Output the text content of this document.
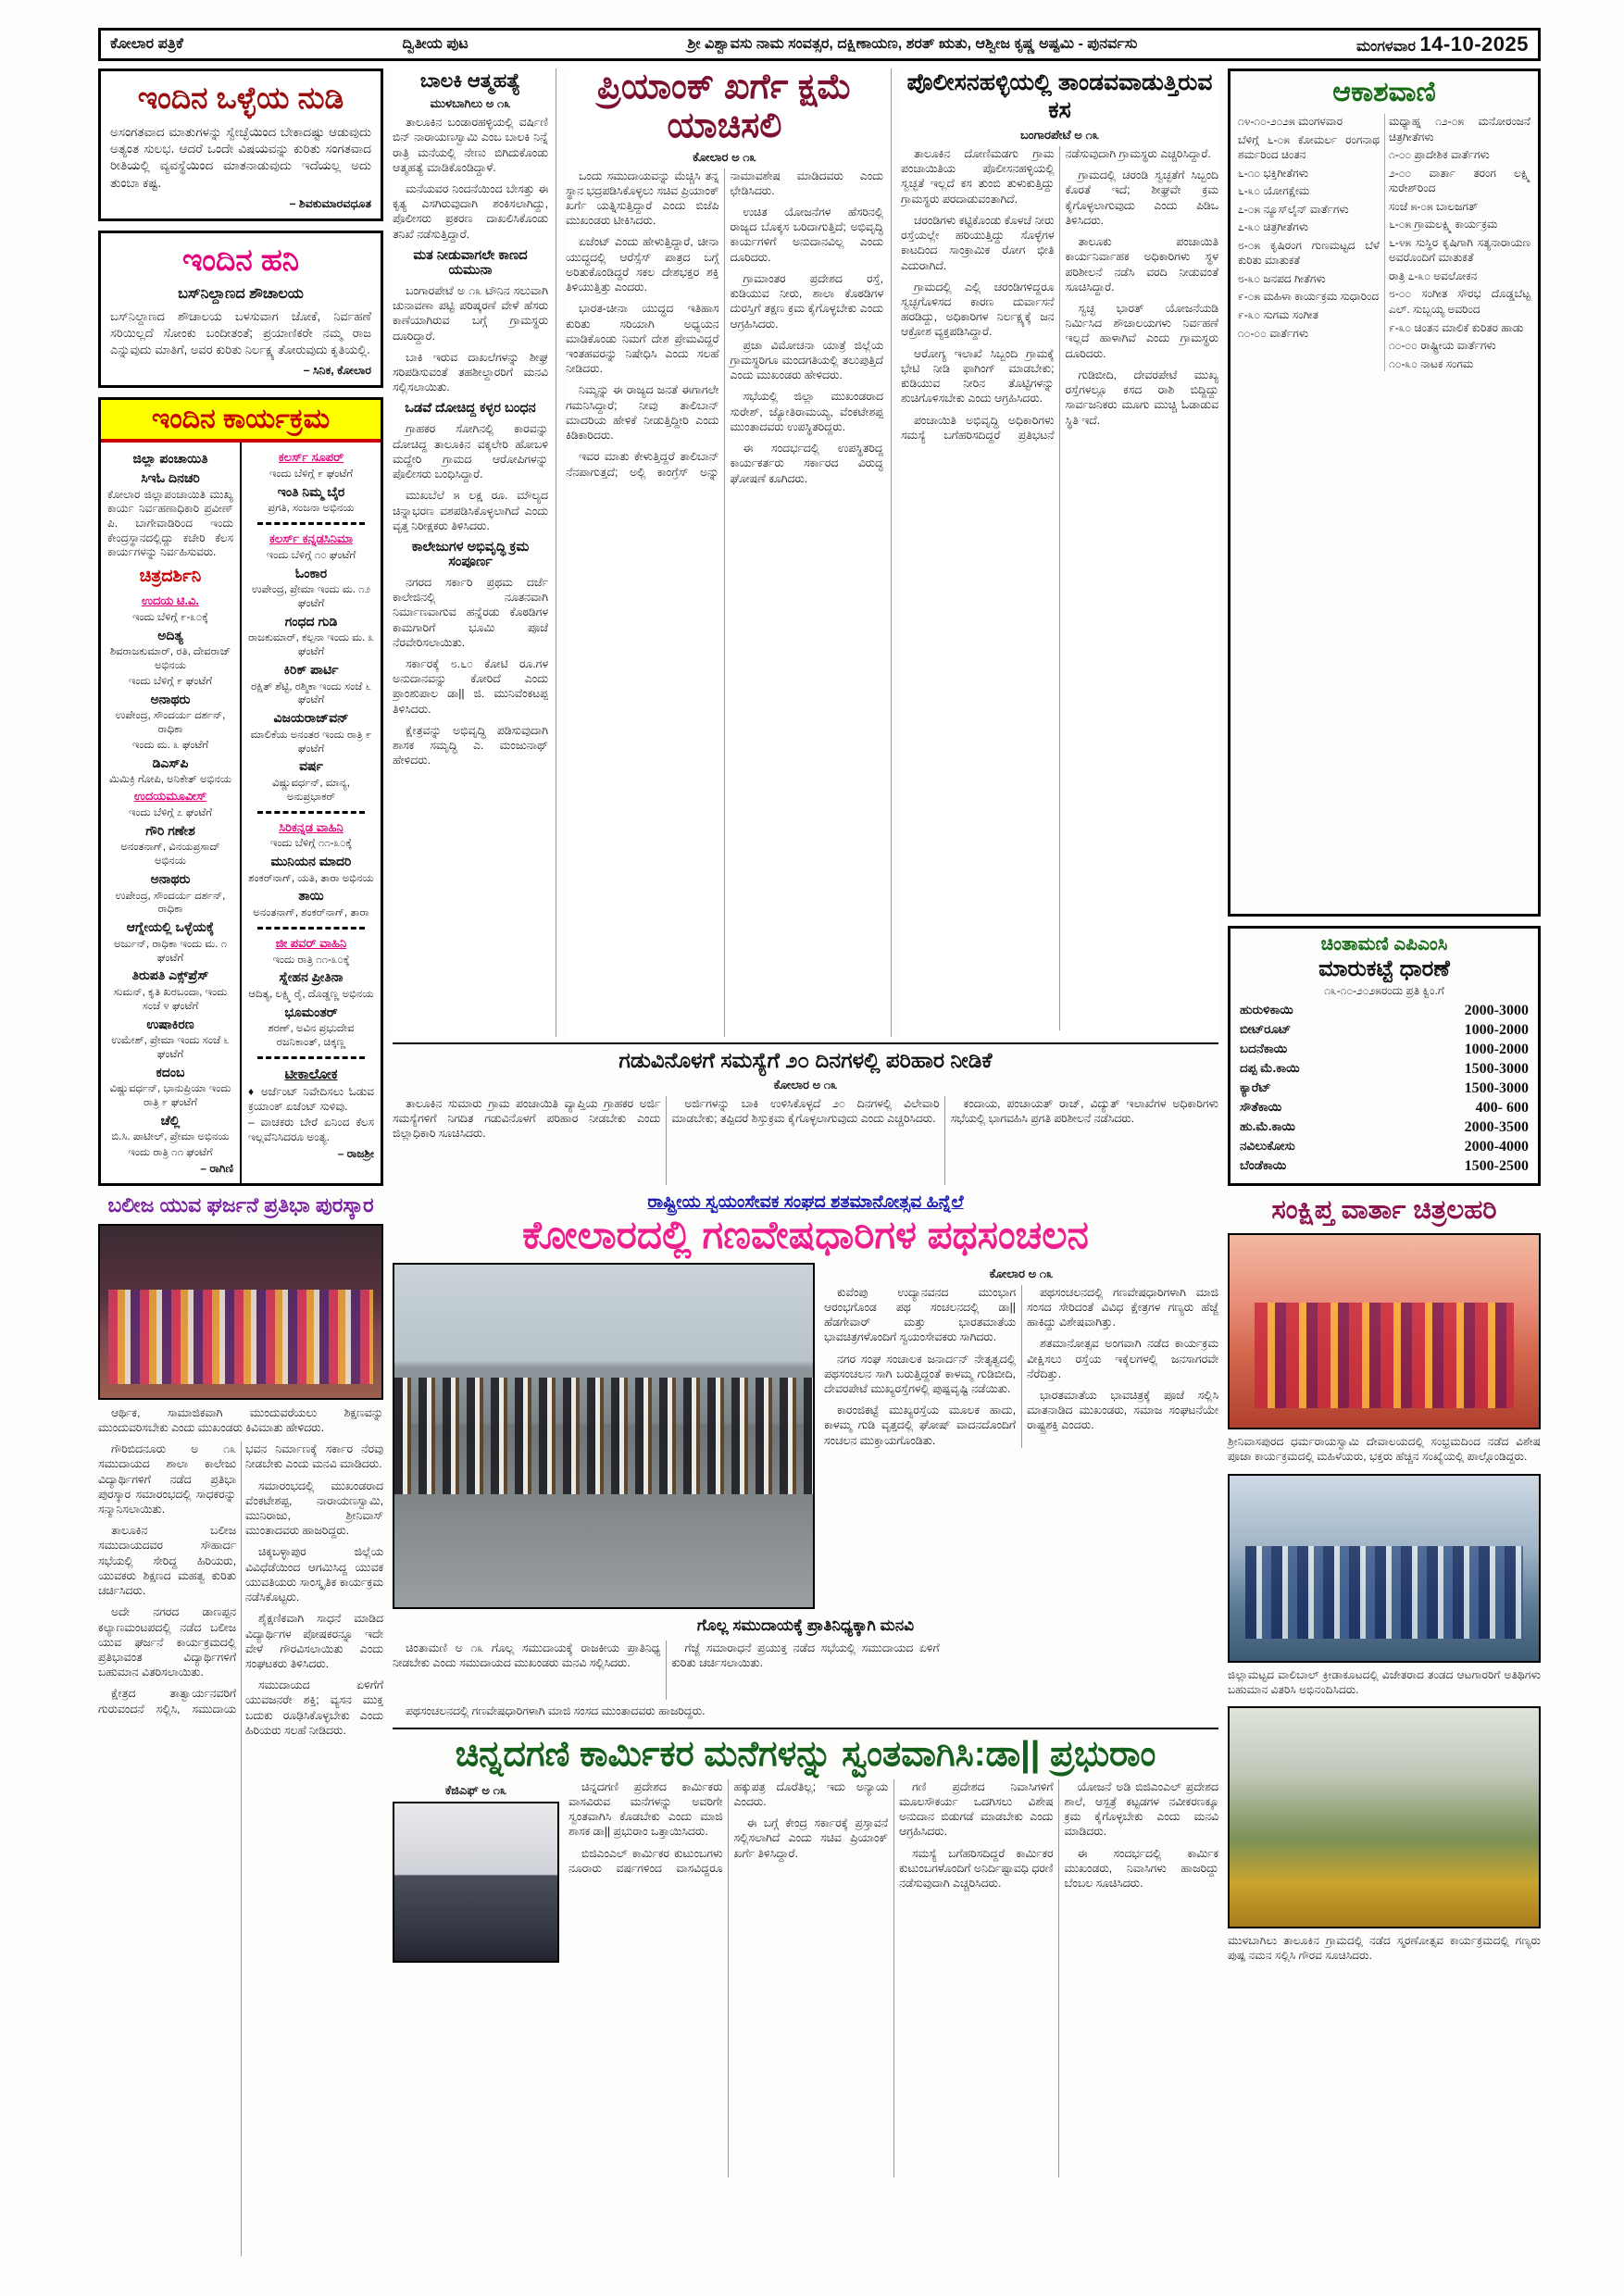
ಕೋಲಾರ ಪತ್ರಿಕೆ	ದ್ವಿತೀಯ ಪುಟ	ಶ್ರೀ ವಿಶ್ವಾವಸು ನಾಮ ಸಂವತ್ಸರ, ದಕ್ಷಿಣಾಯಣ, ಶರತ್ ಋತು, ಆಶ್ವೀಜ ಕೃಷ್ಣ ಅಷ್ಟಮಿ - ಪುನರ್ವಸು	ಮಂಗಳವಾರ 14-10-2025
ಇಂದಿನ ಒಳ್ಳೆಯ ನುಡಿ
ಅಸಂಗತವಾದ ಮಾತುಗಳನ್ನು ಸ್ವೇಚ್ಛೆಯಿಂದ ಬೇಕಾದಷ್ಟು ಆಡುವುದು ಅತ್ಯಂತ ಸುಲಭ. ಆದರೆ ಒಂದೇ ವಿಷಯವನ್ನು ಕುರಿತು ಸಂಗತವಾದ ರೀತಿಯಲ್ಲಿ ವ್ಯವಸ್ಥೆಯಿಂದ ಮಾತನಾಡುವುದು ಇದೆಯಲ್ಲ ಅದು ತುಂಬಾ ಕಷ್ಟ.
– ಶಿವಕುಮಾರವಧೂತ
ಇಂದಿನ ಹನಿ
ಬಸ್‌ನಿಲ್ದಾಣದ ಶೌಚಾಲಯ
ಬಸ್‌ನಿಲ್ದಾಣದ ಶೌಚಾಲಯ ಬಳಸುವಾಗ ಜೋಕೆ, ನಿರ್ವಹಣೆ ಸರಿಯಿಲ್ಲದೆ ಸೋಂಕು ಬಂದೀತಂತೆ; ಪ್ರಯಾಣಿಕರೇ ನಮ್ಮ ರಾಜ ಎನ್ನುವುದು ಮಾತಿಗೆ, ಅವರ ಕುರಿತು ನಿರ್ಲಕ್ಷ್ಯ ತೋರುವುದು ಕೃತಿಯಲ್ಲಿ.
– ಸಿನಿಕ, ಕೋಲಾರ
ಇಂದಿನ ಕಾರ್ಯಕ್ರಮ
ಜಿಲ್ಲಾ ಪಂಚಾಯಿತಿ
ಸಿಇಓ ದಿನಚರಿ
ಕೋಲಾರ ಜಿಲ್ಲಾಪಂಚಾಯಿತಿ ಮುಖ್ಯ ಕಾರ್ಯ ನಿರ್ವಹಣಾಧಿಕಾರಿ ಪ್ರವೀಣ್ ಪಿ. ಬಾಗೇವಾಡಿರಿಂದ ಇಂದು ಕೇಂದ್ರಸ್ಥಾನದಲ್ಲಿದ್ದು ಕಚೇರಿ ಕೆಲಸ ಕಾರ್ಯಗಳನ್ನು ನಿರ್ವಹಿಸುವರು.
ಚಿತ್ರದರ್ಶಿನಿ
ಉದಯ ಟಿ.ವಿ.
ಇಂದು ಬೆಳಿಗ್ಗೆ ೯-೩೦ಕ್ಕೆ
ಅದಿತ್ಯ
ಶಿವರಾಜಕುಮಾರ್, ರತಿ, ದೇವರಾಜ್ ಅಭಿನಯ
ಇಂದು ಬೆಳಿಗ್ಗೆ ೯ ಘಂಟೆಗೆ
ಅನಾಥರು
ಉಪೇಂದ್ರ, ಸೌಂದರ್ಯ ದರ್ಶನ್, ರಾಧಿಕಾ
ಇಂದು ಮ. ೩ ಘಂಟೆಗೆ
ಡಿಎಸ್‌ಪಿ
ಮಿಮಿಕ್ರಿ ಗೋಪಿ, ಅನಿಕೇತ್ ಅಭಿನಯ
ಉದಯಮೂವೀಸ್
ಇಂದು ಬೆಳಿಗ್ಗೆ ೭ ಘಂಟೆಗೆ
ಗೌರಿ ಗಣೇಶ
ಅನಂತನಾಗ್, ವಿನಯಪ್ರಸಾದ್ ಅಭಿನಯ
ಅನಾಥರು
ಉಪೇಂದ್ರ, ಸೌಂದರ್ಯ ದರ್ಶನ್, ರಾಧಿಕಾ
ಆಗ್ನೇಯಲ್ಲಿ ಒಳ್ಳೆಯಕ್ಕೆ
ಅರ್ಜುನ್, ರಾಧಿಕಾ ಇಂದು ಮ. ೧ ಘಂಟೆಗೆ
ತಿರುಪತಿ ಎಕ್ಸ್‌ಪ್ರೆಸ್
ಸುಮನ್, ಕೃತಿ ಖರಬಂದಾ, ಇಂದು ಸಂಜೆ ೪ ಘಂಟೆಗೆ
ಉಷಾಕಿರಣ
ಉಮೇಶ್, ಪ್ರೇಮಾ ಇಂದು ಸಂಜೆ ೬ ಘಂಟೆಗೆ
ಕದಂಬ
ವಿಷ್ಣುವರ್ಧನ್, ಭಾನುಪ್ರಿಯಾ ಇಂದು ರಾತ್ರಿ ೯ ಘಂಟೆಗೆ
ಚೆಲ್ಲಿ
ಬಿ.ಸಿ. ಪಾಟೀಲ್, ಪ್ರೇಮಾ ಅಭಿನಯ
ಇಂದು ರಾತ್ರಿ ೧೧ ಘಂಟೆಗೆ
– ರಾಗಿಣಿ
ಕಲರ್ಸ್ ಸೂಪರ್
ಇಂದು ಬೆಳಿಗ್ಗೆ ೯ ಘಂಟೆಗೆ
ಇಂತಿ ನಿಮ್ಮ ಬೈರ
ಪ್ರಗತಿ, ಸಂಜನಾ ಅಭಿನಯ
ಕಲರ್ಸ್ ಕನ್ನಡಸಿನಿಮಾ
ಇಂದು ಬೆಳಿಗ್ಗೆ ೧೦ ಘಂಟೆಗೆ
ಓಂಕಾರ
ಉಪೇಂದ್ರ, ಪ್ರೇಮಾ ಇಂದು ಮ. ೧೨ ಘಂಟೆಗೆ
ಗಂಧದ ಗುಡಿ
ರಾಜಕುಮಾರ್, ಕಲ್ಪನಾ ಇಂದು ಮ. ೩ ಘಂಟೆಗೆ
ಕಿರಿಕ್ ಪಾರ್ಟಿ
ರಕ್ಷಿತ್ ಶೆಟ್ಟಿ, ರಶ್ಮಿಕಾ ಇಂದು ಸಂಜೆ ೬ ಘಂಟೆಗೆ
ವಿಜಯರಾಜ್‌ವನ್
ಮಾಲಿಕೆಯ ಅನಂತರ ಇಂದು ರಾತ್ರಿ ೯ ಘಂಟೆಗೆ
ವರ್ಷ
ವಿಷ್ಣುವರ್ಧನ್, ಮಾನ್ಯ, ಅನುಪ್ರಭಾಕರ್
ಸಿರಿಕನ್ನಡ ವಾಹಿನಿ
ಇಂದು ಬೆಳಿಗ್ಗೆ ೧೧-೩೦ಕ್ಕೆ
ಮುನಿಯನ ಮಾದರಿ
ಶಂಕರ್‌ನಾಗ್, ಯತಿ, ತಾರಾ ಅಭಿನಯ
ತಾಯಿ
ಅನಂತನಾಗ್, ಶಂಕರ್‌ನಾಗ್, ತಾರಾ
ಜೀ ಪವರ್ ವಾಹಿನಿ
ಇಂದು ರಾತ್ರಿ ೧೧-೩೦ಕ್ಕೆ
ಸ್ನೇಹನ ಪ್ರೀತಿನಾ
ಆದಿತ್ಯ, ಲಕ್ಷ್ಮಿ ರೈ, ದೊಡ್ಡಣ್ಣ ಅಭಿನಯ
ಭೂಮಂತರ್
ಶರಣ್, ಅವಿನ ಪ್ರಭುದೇವ ರಜನಿಕಾಂತ್, ಚಿಕ್ಕಣ್ಣ
ಟೀಕಾಲೋಕ
♦ ಅರ್ಜೆಂಟ್ ನಿವೇದಿಸಲು ಓಡುವ ಕ್ರಯಾಂಕ್ ಏಜೆಂಟ್ ಸುಳಿವು.
– ವಾಚಕರು ಬೇರೆ ಏನಿಂದ ಕೆಲಸ ಇಲ್ಲವೆನಿಸಿದರೂ ಅಂತ್ಯ.
– ರಾಜಶ್ರೀ
ಬಲೀಜ ಯುವ ಘರ್ಜನೆ ಪ್ರತಿಭಾ ಪುರಸ್ಕಾರ

ಆರ್ಥಿಕ, ಸಾಮಾಜಿಕವಾಗಿ ಮುಂದುವರೆಯಲು ಶಿಕ್ಷಣವನ್ನು ಮುಂದುವರಿಸಬೇಕು ಎಂದು ಮುಖಂಡರು ಕಿವಿಮಾತು ಹೇಳಿದರು.

ಗೌರಿಬಿದನೂರು ಅ ೧೩ ಸಮುದಾಯದ ಶಾಲಾ ಕಾಲೇಜು ವಿದ್ಯಾರ್ಥಿಗಳಿಗೆ ನಡೆದ ಪ್ರತಿಭಾ ಪುರಸ್ಕಾರ ಸಮಾರಂಭದಲ್ಲಿ ಸಾಧಕರನ್ನು ಸನ್ಮಾನಿಸಲಾಯಿತು.

ತಾಲೂಕಿನ ಬಲೀಜ ಸಮುದಾಯದವರ ಸೌಹಾರ್ದ ಸಭೆಯಲ್ಲಿ ಸೇರಿದ್ದ ಹಿರಿಯರು, ಯುವಕರು ಶಿಕ್ಷಣದ ಮಹತ್ವ ಕುರಿತು ಚರ್ಚಿಸಿದರು.

ಅದೇ ನಗರದ ಡಾಣಪ್ಪನ ಕಲ್ಯಾಣಮಂಟಪದಲ್ಲಿ ನಡೆದ ಬಲೀಜ ಯುವ ಘರ್ಜನೆ ಕಾರ್ಯಕ್ರಮದಲ್ಲಿ ಪ್ರತಿಭಾವಂತ ವಿದ್ಯಾರ್ಥಿಗಳಿಗೆ ಬಹುಮಾನ ವಿತರಿಸಲಾಯಿತು.

ಕ್ಷೇತ್ರದ ತಾತ್ವಾರ್ಯನವರಿಗೆ ಗುರುವಂದನೆ ಸಲ್ಲಿಸಿ, ಸಮುದಾಯ ಭವನ ನಿರ್ಮಾಣಕ್ಕೆ ಸರ್ಕಾರ ನೆರವು ನೀಡಬೇಕು ಎಂದು ಮನವಿ ಮಾಡಿದರು.

ಸಮಾರಂಭದಲ್ಲಿ ಮುಖಂಡರಾದ ವೆಂಕಟೇಶಪ್ಪ, ನಾರಾಯಣಸ್ವಾಮಿ, ಮುನಿರಾಜು, ಶ್ರೀನಿವಾಸ್ ಮುಂತಾದವರು ಹಾಜರಿದ್ದರು.

ಚಿಕ್ಕಬಳ್ಳಾಪುರ ಜಿಲ್ಲೆಯ ವಿವಿಧೆಡೆಯಿಂದ ಆಗಮಿಸಿದ್ದ ಯುವಕ ಯುವತಿಯರು ಸಾಂಸ್ಕೃತಿಕ ಕಾರ್ಯಕ್ರಮ ನಡೆಸಿಕೊಟ್ಟರು.

ಶೈಕ್ಷಣಿಕವಾಗಿ ಸಾಧನೆ ಮಾಡಿದ ವಿದ್ಯಾರ್ಥಿಗಳ ಪೋಷಕರನ್ನೂ ಇದೇ ವೇಳೆ ಗೌರವಿಸಲಾಯಿತು ಎಂದು ಸಂಘಟಕರು ತಿಳಿಸಿದರು.

ಸಮುದಾಯದ ಏಳಿಗೆಗೆ ಯುವಜನರೇ ಶಕ್ತಿ; ವ್ಯಸನ ಮುಕ್ತ ಬದುಕು ರೂಢಿಸಿಕೊಳ್ಳಬೇಕು ಎಂದು ಹಿರಿಯರು ಸಲಹೆ ನೀಡಿದರು.

ಬಾಲಕಿ ಆತ್ಮಹತ್ಯೆ
ಮುಳಬಾಗಿಲು ಅ ೧೩

ತಾಲೂಕಿನ ಬಂಡಾರಹಳ್ಳಿಯಲ್ಲಿ ವರ್ಷಿಣಿ ಬಿನ್ ನಾರಾಯಣಸ್ವಾಮಿ ಎಂಬ ಬಾಲಕಿ ನಿನ್ನೆ ರಾತ್ರಿ ಮನೆಯಲ್ಲಿ ನೇಣು ಬಿಗಿದುಕೊಂಡು ಆತ್ಮಹತ್ಯೆ ಮಾಡಿಕೊಂಡಿದ್ದಾಳೆ.

ಮನೆಯವರ ನಿಂದನೆಯಿಂದ ಬೇಸತ್ತು ಈ ಕೃತ್ಯ ಎಸಗಿರುವುದಾಗಿ ಶಂಕಿಸಲಾಗಿದ್ದು, ಪೊಲೀಸರು ಪ್ರಕರಣ ದಾಖಲಿಸಿಕೊಂಡು ತನಿಖೆ ನಡೆಸುತ್ತಿದ್ದಾರೆ.

ಮತ ನೀಡುವಾಗಲೇ ಕಾಣದ ಯಮುನಾ

ಬಂಗಾರಪೇಟೆ ಅ ೧೩ ಟೌನಿನ ಸಲುವಾಗಿ ಚುನಾವಣಾ ಪಟ್ಟಿ ಪರಿಷ್ಕರಣೆ ವೇಳೆ ಹೆಸರು ಕಾಣೆಯಾಗಿರುವ ಬಗ್ಗೆ ಗ್ರಾಮಸ್ಥರು ದೂರಿದ್ದಾರೆ.

ಬಾಕಿ ಇರುವ ದಾಖಲೆಗಳನ್ನು ಶೀಘ್ರ ಸರಿಪಡಿಸುವಂತೆ ತಹಶೀಲ್ದಾರರಿಗೆ ಮನವಿ ಸಲ್ಲಿಸಲಾಯಿತು.

ಒಡವೆ ದೋಚಿದ್ದ ಕಳ್ಳರ ಬಂಧನ

ಗ್ರಾಹಕರ ಸೋಗಿನಲ್ಲಿ ಕಾರವನ್ನು ದೋಚಿದ್ದ ತಾಲೂಕಿನ ವಕ್ಕಲೇರಿ ಹೋಬಳಿ ಮದ್ದೇರಿ ಗ್ರಾಮದ ಆರೋಪಿಗಳನ್ನು ಪೊಲೀಸರು ಬಂಧಿಸಿದ್ದಾರೆ.

ಮುಖಬೆಲೆ ೫ ಲಕ್ಷ ರೂ. ಮೌಲ್ಯದ ಚಿನ್ನಾಭರಣ ವಶಪಡಿಸಿಕೊಳ್ಳಲಾಗಿದೆ ಎಂದು ವೃತ್ತ ನಿರೀಕ್ಷಕರು ತಿಳಿಸಿದರು.

ಕಾಲೇಜುಗಳ ಅಭಿವೃದ್ಧಿ ಕ್ರಮ ಸಂಪೂರ್ಣ

ನಗರದ ಸರ್ಕಾರಿ ಪ್ರಥಮ ದರ್ಜೆ ಕಾಲೇಜಿನಲ್ಲಿ ನೂತನವಾಗಿ ನಿರ್ಮಾಣವಾಗುವ ಹನ್ನೆರಡು ಕೊಠಡಿಗಳ ಕಾಮಗಾರಿಗೆ ಭೂಮಿ ಪೂಜೆ ನೆರವೇರಿಸಲಾಯಿತು.

ಸರ್ಕಾರಕ್ಕೆ ೮.೬೦ ಕೋಟಿ ರೂ.ಗಳ ಅನುದಾನವನ್ನು ಕೋರಿದೆ ಎಂದು ಪ್ರಾಂಶುಪಾಲ ಡಾ|| ಜಿ. ಮುನಿವೆಂಕಟಪ್ಪ ತಿಳಿಸಿದರು.

ಕ್ಷೇತ್ರವನ್ನು ಅಭಿವೃದ್ಧಿ ಪಡಿಸುವುದಾಗಿ ಶಾಸಕ ಸಮೃದ್ಧಿ ಎ. ಮಂಜುನಾಥ್ ಹೇಳಿದರು.

ಪ್ರಿಯಾಂಕ್ ಖರ್ಗೆ ಕ್ಷಮೆ ಯಾಚಿಸಲಿ
ಕೋಲಾರ ಅ ೧೩

ಒಂದು ಸಮುದಾಯವನ್ನು ಮೆಚ್ಚಿಸಿ ತನ್ನ ಸ್ಥಾನ ಭದ್ರಪಡಿಸಿಕೊಳ್ಳಲು ಸಚಿವ ಪ್ರಿಯಾಂಕ್ ಖರ್ಗೆ ಯತ್ನಿಸುತ್ತಿದ್ದಾರೆ ಎಂದು ಬಿಜೆಪಿ ಮುಖಂಡರು ಟೀಕಿಸಿದರು.

ಏಜೆಂಟ್ ಎಂದು ಹೇಳುತ್ತಿದ್ದಾರೆ, ಚೀನಾ ಯುದ್ಧದಲ್ಲಿ ಆರೆಸ್ಸೆಸ್ ಪಾತ್ರದ ಬಗ್ಗೆ ಅರಿತುಕೊಂಡಿದ್ದರೆ ಸಕಲ ದೇಶಭಕ್ತರ ಶಕ್ತಿ ತಿಳಿಯುತ್ತಿತ್ತು ಎಂದರು.

ಭಾರತ-ಚೀನಾ ಯುದ್ಧದ ಇತಿಹಾಸ ಕುರಿತು ಸರಿಯಾಗಿ ಅಧ್ಯಯನ ಮಾಡಿಕೊಂಡು ನಿಮಗೆ ದೇಶ ಪ್ರೇಮವಿದ್ದರೆ ಇಂತಹವರನ್ನು ನಿಷೇಧಿಸಿ ಎಂದು ಸಲಹೆ ನೀಡಿದರು.

ನಿಮ್ಮನ್ನು ಈ ರಾಜ್ಯದ ಜನತೆ ಈಗಾಗಲೇ ಗಮನಿಸಿದ್ದಾರೆ; ನೀವು ತಾಲಿಬಾನ್ ಮಾದರಿಯ ಹೇಳಿಕೆ ನೀಡುತ್ತಿದ್ದೀರಿ ಎಂದು ಕಿಡಿಕಾರಿದರು.

ಇವರ ಮಾತು ಕೇಳುತ್ತಿದ್ದರೆ ತಾಲಿಬಾನ್ ನೆನಪಾಗುತ್ತದೆ; ಅಲ್ಲಿ ಕಾಂಗ್ರೆಸ್ ಅನ್ನು ನಾಮಾವಶೇಷ ಮಾಡಿದವರು ಎಂದು ಛೇಡಿಸಿದರು.

ಉಚಿತ ಯೋಜನೆಗಳ ಹೆಸರಿನಲ್ಲಿ ರಾಜ್ಯದ ಬೊಕ್ಕಸ ಬರಿದಾಗುತ್ತಿದೆ; ಅಭಿವೃದ್ಧಿ ಕಾರ್ಯಗಳಿಗೆ ಅನುದಾನವಿಲ್ಲ ಎಂದು ದೂರಿದರು.

ಗ್ರಾಮಾಂತರ ಪ್ರದೇಶದ ರಸ್ತೆ, ಕುಡಿಯುವ ನೀರು, ಶಾಲಾ ಕೊಠಡಿಗಳ ದುರಸ್ತಿಗೆ ತಕ್ಷಣ ಕ್ರಮ ಕೈಗೊಳ್ಳಬೇಕು ಎಂದು ಆಗ್ರಹಿಸಿದರು.

ಪ್ರಜಾ ವಿಮೋಚನಾ ಯಾತ್ರೆ ಜಿಲ್ಲೆಯ ಗ್ರಾಮಸ್ಥರಿಗೂ ಮಂದಗತಿಯಲ್ಲಿ ತಲುಪುತ್ತಿದೆ ಎಂದು ಮುಖಂಡರು ಹೇಳಿದರು.

ಸಭೆಯಲ್ಲಿ ಜಿಲ್ಲಾ ಮುಖಂಡರಾದ ಸುರೇಶ್, ಜ್ಯೋತಿರಾಮಯ್ಯ, ವೆಂಕಟೇಶಪ್ಪ ಮುಂತಾದವರು ಉಪಸ್ಥಿತರಿದ್ದರು.

ಈ ಸಂದರ್ಭದಲ್ಲಿ ಉಪಸ್ಥಿತರಿದ್ದ ಕಾರ್ಯಕರ್ತರು ಸರ್ಕಾರದ ವಿರುದ್ಧ ಘೋಷಣೆ ಕೂಗಿದರು.

ಪೊಲೀಸನಹಳ್ಳಿಯಲ್ಲಿ ತಾಂಡವವಾಡುತ್ತಿರುವ ಕಸ
ಬಂಗಾರಪೇಟೆ ಅ ೧೩

ತಾಲೂಕಿನ ದೋಣಿಮಡಗು ಗ್ರಾಮ ಪಂಚಾಯಿತಿಯ ಪೊಲೀಸನಹಳ್ಳಿಯಲ್ಲಿ ಸ್ವಚ್ಛತೆ ಇಲ್ಲದೆ ಕಸ ತುಂಬಿ ತುಳುಕುತ್ತಿದ್ದು ಗ್ರಾಮಸ್ಥರು ಪರದಾಡುವಂತಾಗಿದೆ.

ಚರಂಡಿಗಳು ಕಟ್ಟಿಕೊಂಡು ಕೊಳಚೆ ನೀರು ರಸ್ತೆಯಲ್ಲೇ ಹರಿಯುತ್ತಿದ್ದು ಸೊಳ್ಳೆಗಳ ಕಾಟದಿಂದ ಸಾಂಕ್ರಾಮಿಕ ರೋಗ ಭೀತಿ ಎದುರಾಗಿದೆ.

ಗ್ರಾಮದಲ್ಲಿ ಎಲ್ಲಿ ಚರಂಡಿಗಳಿದ್ದರೂ ಸ್ವಚ್ಛಗೊಳಿಸದ ಕಾರಣ ದುರ್ವಾಸನೆ ಹರಡಿದ್ದು, ಅಧಿಕಾರಿಗಳ ನಿರ್ಲಕ್ಷ್ಯಕ್ಕೆ ಜನ ಆಕ್ರೋಶ ವ್ಯಕ್ತಪಡಿಸಿದ್ದಾರೆ.

ಆರೋಗ್ಯ ಇಲಾಖೆ ಸಿಬ್ಬಂದಿ ಗ್ರಾಮಕ್ಕೆ ಭೇಟಿ ನೀಡಿ ಫಾಗಿಂಗ್ ಮಾಡಬೇಕು; ಕುಡಿಯುವ ನೀರಿನ ತೊಟ್ಟಿಗಳನ್ನು ಶುಚಿಗೊಳಿಸಬೇಕು ಎಂದು ಆಗ್ರಹಿಸಿದರು.

ಪಂಚಾಯಿತಿ ಅಭಿವೃದ್ಧಿ ಅಧಿಕಾರಿಗಳು ಸಮಸ್ಯೆ ಬಗೆಹರಿಸದಿದ್ದರೆ ಪ್ರತಿಭಟನೆ ನಡೆಸುವುದಾಗಿ ಗ್ರಾಮಸ್ಥರು ಎಚ್ಚರಿಸಿದ್ದಾರೆ.

ಗ್ರಾಮದಲ್ಲಿ ಚರಂಡಿ ಸ್ವಚ್ಛತೆಗೆ ಸಿಬ್ಬಂದಿ ಕೊರತೆ ಇದೆ; ಶೀಘ್ರವೇ ಕ್ರಮ ಕೈಗೊಳ್ಳಲಾಗುವುದು ಎಂದು ಪಿಡಿಒ ತಿಳಿಸಿದರು.

ತಾಲೂಕು ಪಂಚಾಯಿತಿ ಕಾರ್ಯನಿರ್ವಾಹಕ ಅಧಿಕಾರಿಗಳು ಸ್ಥಳ ಪರಿಶೀಲನೆ ನಡೆಸಿ ವರದಿ ನೀಡುವಂತೆ ಸೂಚಿಸಿದ್ದಾರೆ.

ಸ್ವಚ್ಛ ಭಾರತ್ ಯೋಜನೆಯಡಿ ನಿರ್ಮಿಸಿದ ಶೌಚಾಲಯಗಳು ನಿರ್ವಹಣೆ ಇಲ್ಲದೆ ಹಾಳಾಗಿವೆ ಎಂದು ಗ್ರಾಮಸ್ಥರು ದೂರಿದರು.

ಗುಡಿಬೀದಿ, ದೇವರಪೇಟೆ ಮುಖ್ಯ ರಸ್ತೆಗಳಲ್ಲೂ ಕಸದ ರಾಶಿ ಬಿದ್ದಿದ್ದು ಸಾರ್ವಜನಿಕರು ಮೂಗು ಮುಚ್ಚಿ ಓಡಾಡುವ ಸ್ಥಿತಿ ಇದೆ.

ಗಡುವಿನೊಳಗೆ ಸಮಸ್ಯೆಗೆ ೨೦ ದಿನಗಳಲ್ಲಿ ಪರಿಹಾರ ನೀಡಿಕೆ
ಕೋಲಾರ ಅ ೧೩

ತಾಲೂಕಿನ ಸುಮಾರು ಗ್ರಾಮ ಪಂಚಾಯಿತಿ ವ್ಯಾಪ್ತಿಯ ಗ್ರಾಹಕರ ಅರ್ಜಿ ಸಮಸ್ಯೆಗಳಿಗೆ ನಿಗದಿತ ಗಡುವಿನೊಳಗೆ ಪರಿಹಾರ ನೀಡಬೇಕು ಎಂದು ಜಿಲ್ಲಾಧಿಕಾರಿ ಸೂಚಿಸಿದರು.

ಅರ್ಜಿಗಳನ್ನು ಬಾಕಿ ಉಳಿಸಿಕೊಳ್ಳದೆ ೨೦ ದಿನಗಳಲ್ಲಿ ವಿಲೇವಾರಿ ಮಾಡಬೇಕು; ತಪ್ಪಿದರೆ ಶಿಸ್ತುಕ್ರಮ ಕೈಗೊಳ್ಳಲಾಗುವುದು ಎಂದು ಎಚ್ಚರಿಸಿದರು.

ಕಂದಾಯ, ಪಂಚಾಯತ್ ರಾಜ್, ವಿದ್ಯುತ್ ಇಲಾಖೆಗಳ ಅಧಿಕಾರಿಗಳು ಸಭೆಯಲ್ಲಿ ಭಾಗವಹಿಸಿ ಪ್ರಗತಿ ಪರಿಶೀಲನೆ ನಡೆಸಿದರು.

ರಾಷ್ಟ್ರೀಯ ಸ್ವಯಂಸೇವಕ ಸಂಘದ ಶತಮಾನೋತ್ಸವ ಹಿನ್ನೆಲೆ
ಕೋಲಾರದಲ್ಲಿ ಗಣವೇಷಧಾರಿಗಳ ಪಥಸಂಚಲನ
ಕೋಲಾರ ಅ ೧೩

ಕುವೆಂಪು ಉದ್ಯಾನವನದ ಮುಂಭಾಗ ಆರಂಭಗೊಂಡ ಪಥ ಸಂಚಲನದಲ್ಲಿ ಡಾ|| ಹೆಡಗೇವಾರ್ ಮತ್ತು ಭಾರತಮಾತೆಯ ಭಾವಚಿತ್ರಗಳೊಂದಿಗೆ ಸ್ವಯಂಸೇವಕರು ಸಾಗಿದರು.

ನಗರ ಸಂಘ ಸಂಚಾಲಕ ಜನಾರ್ದನ್ ನೇತೃತ್ವದಲ್ಲಿ ಪಥಸಂಚಲನ ಸಾಗಿ ಬರುತ್ತಿದ್ದಂತೆ ಕಾಳಮ್ಮ ಗುಡಿಬೀದಿ, ದೇವರಪೇಟೆ ಮುಖ್ಯರಸ್ತೆಗಳಲ್ಲಿ ಪುಷ್ಪವೃಷ್ಟಿ ನಡೆಯಿತು.

ಕಾರಂಜಿಕಟ್ಟೆ ಮುಖ್ಯರಸ್ತೆಯ ಮೂಲಕ ಹಾದು, ಕಾಳಮ್ಮ ಗುಡಿ ವೃತ್ತದಲ್ಲಿ ಘೋಷ್ ವಾದನದೊಂದಿಗೆ ಸಂಚಲನ ಮುಕ್ತಾಯಗೊಂಡಿತು.

ಪಥಸಂಚಲನದಲ್ಲಿ ಗಣವೇಷಧಾರಿಗಳಾಗಿ ಮಾಜಿ ಸಂಸದ ಸೇರಿದಂತೆ ವಿವಿಧ ಕ್ಷೇತ್ರಗಳ ಗಣ್ಯರು ಹೆಜ್ಜೆ ಹಾಕಿದ್ದು ವಿಶೇಷವಾಗಿತ್ತು.

ಶತಮಾನೋತ್ಸವ ಅಂಗವಾಗಿ ನಡೆದ ಕಾರ್ಯಕ್ರಮ ವೀಕ್ಷಿಸಲು ರಸ್ತೆಯ ಇಕ್ಕೆಲಗಳಲ್ಲಿ ಜನಸಾಗರವೇ ನೆರೆದಿತ್ತು.

ಭಾರತಮಾತೆಯ ಭಾವಚಿತ್ರಕ್ಕೆ ಪೂಜೆ ಸಲ್ಲಿಸಿ ಮಾತನಾಡಿದ ಮುಖಂಡರು, ಸಮಾಜ ಸಂಘಟನೆಯೇ ರಾಷ್ಟ್ರಶಕ್ತಿ ಎಂದರು.

ಗೊಲ್ಲ ಸಮುದಾಯಕ್ಕೆ ಪ್ರಾತಿನಿಧ್ಯಕ್ಕಾಗಿ ಮನವಿ

ಚಿಂತಾಮಣಿ ಅ ೧೩ ಗೊಲ್ಲ ಸಮುದಾಯಕ್ಕೆ ರಾಜಕೀಯ ಪ್ರಾತಿನಿಧ್ಯ ನೀಡಬೇಕು ಎಂದು ಸಮುದಾಯದ ಮುಖಂಡರು ಮನವಿ ಸಲ್ಲಿಸಿದರು.

ಗೆಜ್ಜೆ ಸಮಾರಾಧನೆ ಪ್ರಯುಕ್ತ ನಡೆದ ಸಭೆಯಲ್ಲಿ ಸಮುದಾಯದ ಏಳಿಗೆ ಕುರಿತು ಚರ್ಚಿಸಲಾಯಿತು.

ಪಥಸಂಚಲನದಲ್ಲಿ ಗಣವೇಷಧಾರಿಗಳಾಗಿ ಮಾಜಿ ಸಂಸದ ಮುಂತಾದವರು ಹಾಜರಿದ್ದರು.

ಚಿನ್ನದಗಣಿ ಕಾರ್ಮಿಕರ ಮನೆಗಳನ್ನು ಸ್ವಂತವಾಗಿಸಿ:ಡಾ|| ಪ್ರಭುರಾಂ
ಕೆಜಿಎಫ್ ಅ ೧೩	ಚಿನ್ನದಗಣಿ ಪ್ರದೇಶದ ಕಾರ್ಮಿಕರು ವಾಸವಿರುವ ಮನೆಗಳನ್ನು ಅವರಿಗೇ ಸ್ವಂತವಾಗಿಸಿ ಕೊಡಬೇಕು ಎಂದು ಮಾಜಿ ಶಾಸಕ ಡಾ|| ಪ್ರಭುರಾಂ ಒತ್ತಾಯಿಸಿದರು.

ಬಿಜಿಎಂಎಲ್ ಕಾರ್ಮಿಕರ ಕುಟುಂಬಗಳು ನೂರಾರು ವರ್ಷಗಳಿಂದ ವಾಸವಿದ್ದರೂ ಹಕ್ಕುಪತ್ರ ದೊರೆತಿಲ್ಲ; ಇದು ಅನ್ಯಾಯ ಎಂದರು.

ಈ ಬಗ್ಗೆ ಕೇಂದ್ರ ಸರ್ಕಾರಕ್ಕೆ ಪ್ರಸ್ತಾವನೆ ಸಲ್ಲಿಸಲಾಗಿದೆ ಎಂದು ಸಚಿವ ಪ್ರಿಯಾಂಕ್ ಖರ್ಗೆ ತಿಳಿಸಿದ್ದಾರೆ.

ಗಣಿ ಪ್ರದೇಶದ ನಿವಾಸಿಗಳಿಗೆ ಮೂಲಸೌಕರ್ಯ ಒದಗಿಸಲು ವಿಶೇಷ ಅನುದಾನ ಬಿಡುಗಡೆ ಮಾಡಬೇಕು ಎಂದು ಆಗ್ರಹಿಸಿದರು.

ಸಮಸ್ಯೆ ಬಗೆಹರಿಸದಿದ್ದರೆ ಕಾರ್ಮಿಕರ ಕುಟುಂಬಗಳೊಂದಿಗೆ ಅನಿರ್ದಿಷ್ಟಾವಧಿ ಧರಣಿ ನಡೆಸುವುದಾಗಿ ಎಚ್ಚರಿಸಿದರು.

ಯೋಜನೆ ಅಡಿ ಬಿಜಿಎಂಎಲ್ ಪ್ರದೇಶದ ಶಾಲೆ, ಆಸ್ಪತ್ರೆ ಕಟ್ಟಡಗಳ ನವೀಕರಣಕ್ಕೂ ಕ್ರಮ ಕೈಗೊಳ್ಳಬೇಕು ಎಂದು ಮನವಿ ಮಾಡಿದರು.

ಈ ಸಂದರ್ಭದಲ್ಲಿ ಕಾರ್ಮಿಕ ಮುಖಂಡರು, ನಿವಾಸಿಗಳು ಹಾಜರಿದ್ದು ಬೆಂಬಲ ಸೂಚಿಸಿದರು.

ಆಕಾಶವಾಣಿ
೧೪-೧೦-೨೦೨೫ ಮಂಗಳವಾರ
ಬೆಳಿಗ್ಗೆ ೬-೦೫ ಕೋಮರ್ಲ ರಂಗನಾಥ ಶರ್ಮರಿಂದ ಚಿಂತನ
೬-೧೦ ಭಕ್ತಿಗೀತೆಗಳು
೬-೩೦ ಯೋಗಕ್ಷೇಮ
೭-೦೫ ನ್ಯೂಸ್‌ಲೈನ್ ವಾರ್ತೆಗಳು
೭-೩೦ ಚಿತ್ರಗೀತೆಗಳು
೮-೦೫ ಕೃಷಿರಂಗ ಗುಣಮಟ್ಟದ ಬೆಳೆ ಕುರಿತು ಮಾತುಕತೆ
೮-೩೦ ಜನಪದ ಗೀತೆಗಳು
೯-೦೫ ಮಹಿಳಾ ಕಾರ್ಯಕ್ರಮ ಸುಧಾರಿಂದ
೯-೩೦ ಸುಗಮ ಸಂಗೀತ
೧೦-೦೦ ವಾರ್ತೆಗಳು
ಮಧ್ಯಾಹ್ನ ೧೨-೦೫ ಮನೋರಂಜನೆ ಚಿತ್ರಗೀತೆಗಳು
೧-೦೦ ಪ್ರಾದೇಶಿಕ ವಾರ್ತೆಗಳು
೨-೦೦ ವಾರ್ತಾ ತರಂಗ ಲಕ್ಷ್ಮಿ ಸುರೇಶ್‌ರಿಂದ
ಸಂಜೆ ೫-೦೫ ಬಾಲಜಗತ್
೬-೦೫ ಗ್ರಾಮಲಕ್ಷ್ಮಿ ಕಾರ್ಯಕ್ರಮ
೬-೪೫ ಸುಸ್ಥಿರ ಕೃಷಿಗಾಗಿ ಸತ್ಯನಾರಾಯಣ ಅವರೊಂದಿಗೆ ಮಾತುಕತೆ
ರಾತ್ರಿ ೭-೩೦ ಅವಲೋಕನ
೮-೦೦ ಸಂಗೀತ ಸೌರಭ ದೊಡ್ಡಬೆಟ್ಟ ಎಲ್. ಸುಬ್ಬಯ್ಯ ಅವರಿಂದ
೯-೩೦ ಚಿಂತನ ಮಾಲಿಕೆ ಕುರಿತರ ಹಾಡು
೧೦-೦೦ ರಾಷ್ಟ್ರೀಯ ವಾರ್ತೆಗಳು
೧೦-೩೦ ನಾಟಕ ಸಂಗಮ
ಚಿಂತಾಮಣಿ ಎಪಿಎಂಸಿ
ಮಾರುಕಟ್ಟೆ ಧಾರಣೆ
೧೩-೧೦-೨೦೨೫ರಂದು ಪ್ರತಿ ಕ್ವಿಂ.ಗೆ
ಹುರುಳಿಕಾಯಿ	2000-3000
ಬೀಟ್‌ರೂಟ್	1000-2000
ಬದನೆಕಾಯಿ	1000-2000
ದಪ್ಪ ಮೆ.ಕಾಯಿ	1500-3000
ಕ್ಯಾರೆಟ್	1500-3000
ಸೌತೆಕಾಯಿ	400- 600
ಹು.ಮೆ.ಕಾಯಿ	2000-3500
ನವಿಲುಕೋಸು	2000-4000
ಬೆಂಡೆಕಾಯಿ	1500-2500
ಸಂಕ್ಷಿಪ್ತ ವಾರ್ತಾ ಚಿತ್ರಲಹರಿ

ಶ್ರೀನಿವಾಸಪುರದ ಧರ್ಮರಾಯಸ್ವಾಮಿ ದೇವಾಲಯದಲ್ಲಿ ಸಂಭ್ರಮದಿಂದ ನಡೆದ ವಿಶೇಷ ಪೂಜಾ ಕಾರ್ಯಕ್ರಮದಲ್ಲಿ ಮಹಿಳೆಯರು, ಭಕ್ತರು ಹೆಚ್ಚಿನ ಸಂಖ್ಯೆಯಲ್ಲಿ ಪಾಲ್ಗೊಂಡಿದ್ದರು.

ಜಿಲ್ಲಾಮಟ್ಟದ ವಾಲಿಬಾಲ್ ಕ್ರೀಡಾಕೂಟದಲ್ಲಿ ವಿಜೇತರಾದ ತಂಡದ ಆಟಗಾರರಿಗೆ ಅತಿಥಿಗಳು ಬಹುಮಾನ ವಿತರಿಸಿ ಅಭಿನಂದಿಸಿದರು.

ಮುಳಬಾಗಿಲು ತಾಲೂಕಿನ ಗ್ರಾಮದಲ್ಲಿ ನಡೆದ ಸ್ಮರಣೋತ್ಸವ ಕಾರ್ಯಕ್ರಮದಲ್ಲಿ ಗಣ್ಯರು ಪುಷ್ಪ ನಮನ ಸಲ್ಲಿಸಿ ಗೌರವ ಸೂಚಿಸಿದರು.
